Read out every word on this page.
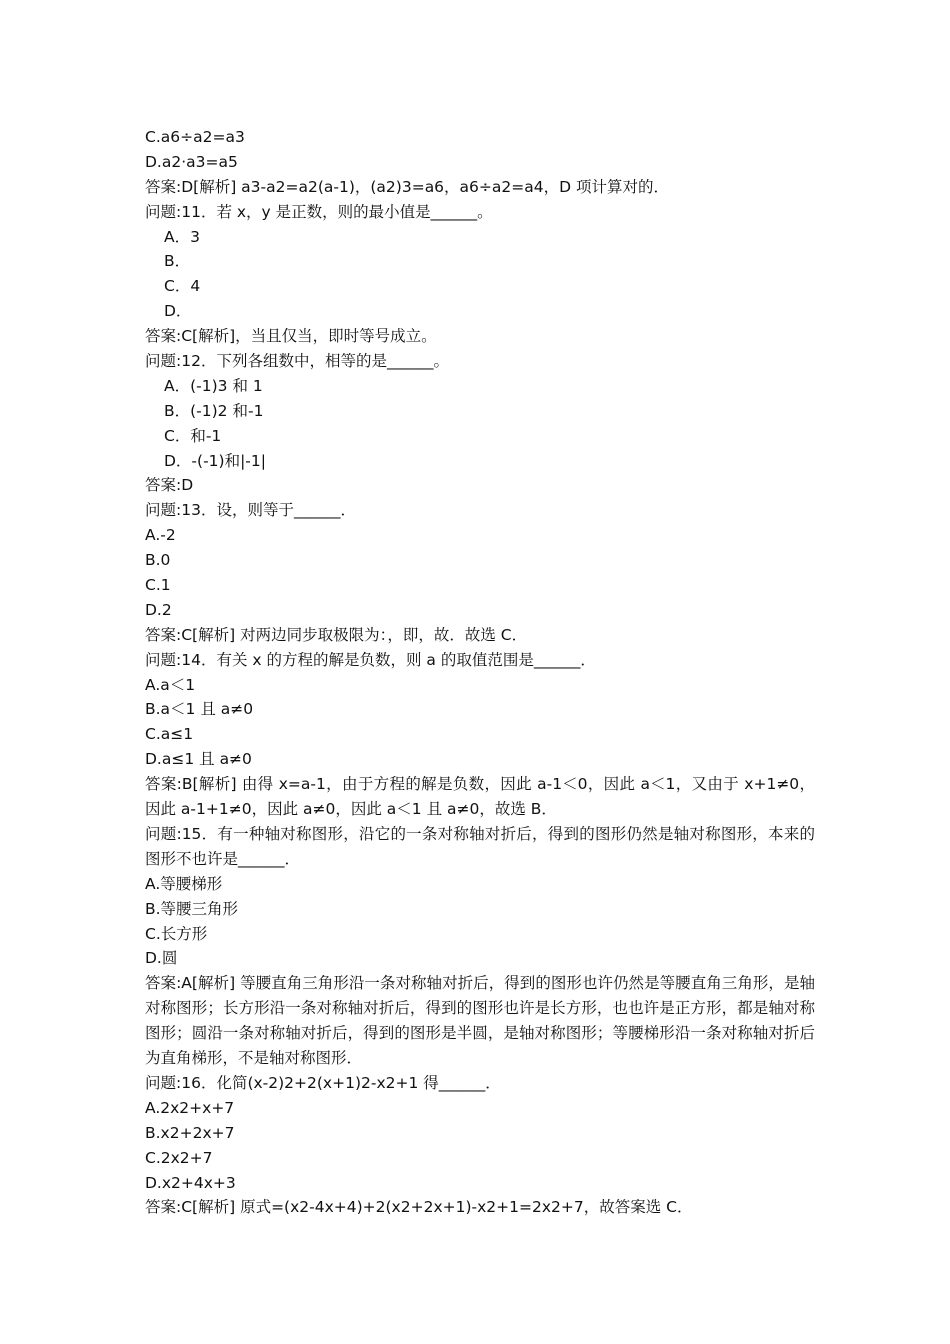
C.a6÷a2=a3
D.a2·a3=a5
答案:D[解析] a3-a2=a2(a-1)，(a2)3=a6，a6÷a2=a4，D 项计算对的．
问题:11．若 x，y 是正数，则的最小值是______。
A．3
B．
C．4
D．
答案:C[解析]，当且仅当，即时等号成立。
问题:12．下列各组数中，相等的是______。
A．(-1)3 和 1
B．(-1)2 和-1
C．和-1
D．-(-1)和|-1|
答案:D
问题:13．设，则等于______．
A.-2
B.0
C.1
D.2
答案:C[解析] 对两边同步取极限为：，即，故．故选 C．
问题:14．有关 x 的方程的解是负数，则 a 的取值范围是______．
A.a＜1
B.a＜1 且 a≠0
C.a≤1
D.a≤1 且 a≠0
答案:B[解析] 由得 x=a-1，由于方程的解是负数，因此 a-1＜0，因此 a＜1，又由于 x+1≠0，因此 a-1+1≠0，因此 a≠0，因此 a＜1 且 a≠0，故选 B．
问题:15．有一种轴对称图形，沿它的一条对称轴对折后，得到的图形仍然是轴对称图形，本来的图形不也许是______．
A.等腰梯形
B.等腰三角形
C.长方形
D.圆
答案:A[解析] 等腰直角三角形沿一条对称轴对折后，得到的图形也许仍然是等腰直角三角形，是轴对称图形；长方形沿一条对称轴对折后，得到的图形也许是长方形，也也许是正方形，都是轴对称图形；圆沿一条对称轴对折后，得到的图形是半圆，是轴对称图形；等腰梯形沿一条对称轴对折后为直角梯形，不是轴对称图形．
问题:16．化简(x-2)2+2(x+1)2-x2+1 得______．
A.2x2+x+7
B.x2+2x+7
C.2x2+7
D.x2+4x+3
答案:C[解析] 原式=(x2-4x+4)+2(x2+2x+1)-x2+1=2x2+7，故答案选 C．
